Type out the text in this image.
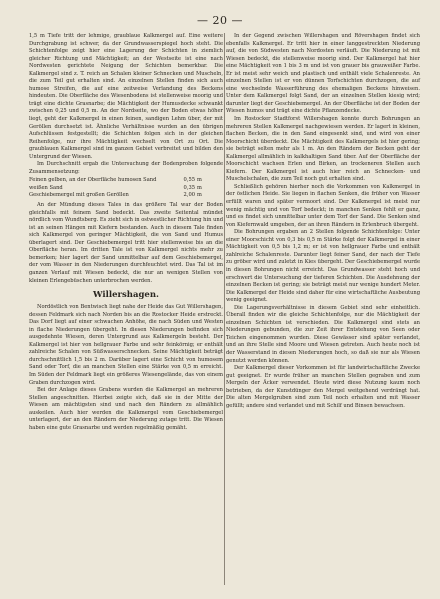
— 20 —

1,5 m Tiefe tritt der lehmige, graublaue Kalkmergel auf. Eine weitere Durchgrabung ist schwer, da der Grundwasserspiegel hoch steht. Die Schichtenfolge zeigt hier eine Lagerung der Schichten in ziemlich gleicher Richtung und Mächtigkeit; an der Westseite ist eine nach Nordwesten gerichtete Neigung der Schichten bemerkbar. Die Kalkmergel sind z. T. reich an Schalen kleiner Schnecken und Muscheln, die zum Teil gut erhalten sind. An einzelnen Stellen finden sich auch humose Streifen, die auf eine zeitweise Verlandung des Beckens hindeuten. Die Oberfläche des Wiesenbodens ist stellenweise moorig und trägt eine dichte Grasnarbe; die Mächtigkeit der Humusdecke schwankt zwischen 0,25 und 0,5 m. An der Nordseite, wo der Boden etwas höher liegt, geht der Kalkmergel in einen feinen, sandigen Lehm über, der mit Geröllen durchsetzt ist. Ähnliche Verhältnisse wurden an den übrigen Aufschlüssen festgestellt; die Schichten folgen sich in der gleichen Reihenfolge, nur ihre Mächtigkeit wechselt von Ort zu Ort. Die graublauen Kalkmergel sind im ganzen Gebiet verbreitet und bilden den Untergrund der Wiesen.

Im Durchschnitt ergab die Untersuchung der Bodenproben folgende Zusammensetzung:

Feinen gelben, an der Oberfläche humosen Sand	0,55	m
weißen Sand	0,35	m
Geschiebemergel mit großen Geröllen	2,00	m

An der Mündung dieses Tales in das größere Tal war der Boden gleichfalls mit feinem Sand bedeckt. Das zweite Seitental mündet nördlich vom Wundtsberg. Es zieht sich in ostwestlicher Richtung hin und ist an seinen Hängen mit Kiefern bestanden. Auch in diesem Tale finden sich Kalkmergel von geringer Mächtigkeit, die von Sand und Humus überlagert sind. Der Geschiebemergel tritt hier stellenweise bis an die Oberfläche heran. Im dritten Tale ist von Kalkmergel nichts mehr zu bemerken; hier lagert der Sand unmittelbar auf dem Geschiebemergel, der vom Wasser in den Niederungen durchfeuchtet wird. Das Tal ist im ganzen Verlauf mit Wiesen bedeckt, die nur an wenigen Stellen von kleinen Erlengebüschen unterbrochen werden.

Willershagen.

Nordöstlich von Bentwisch liegt nahe der Heide das Gut Willershagen, dessen Feldmark sich nach Norden bis an die Rostocker Heide erstreckt. Das Dorf liegt auf einer schwachen Anhöhe, die nach Süden und Westen in flache Niederungen übergeht. In diesen Niederungen befinden sich ausgedehnte Wiesen, deren Untergrund aus Kalkmergeln besteht. Der Kalkmergel ist hier von hellgrauer Farbe und sehr feinkörnig; er enthält zahlreiche Schalen von Süßwasserschnecken. Seine Mächtigkeit beträgt durchschnittlich 1,5 bis 2 m. Darüber lagert eine Schicht von humosem Sand oder Torf, die an manchen Stellen eine Stärke von 0,5 m erreicht. Im Süden der Feldmark liegt ein größeres Wiesengelände, das von einem Graben durchzogen wird.

Bei der Anlage dieses Grabens wurden die Kalkmergel an mehreren Stellen angeschnitten. Hierbei zeigte sich, daß sie in der Mitte der Wiesen am mächtigsten sind und nach den Rändern zu allmählich auskeilen. Auch hier werden die Kalkmergel vom Geschiebemergel unterlagert, der an den Rändern der Niederung zutage tritt. Die Wiesen haben eine gute Grasnarbe und werden regelmäßig gemäht.

In der Gegend zwischen Willershagen und Rövershagen findet sich ebenfalls Kalkmergel. Er tritt hier in einer langgestreckten Niederung auf, die von Südwesten nach Nordosten verläuft. Die Niederung ist mit Wiesen bedeckt, die stellenweise moorig sind. Der Kalkmergel hat hier eine Mächtigkeit von 1 bis 3 m und ist von grauer bis grauweißer Farbe. Er ist meist sehr weich und plastisch und enthält viele Schalenreste. An einzelnen Stellen ist er von dünnen Torfschichten durchzogen, die auf eine wechselnde Wasserführung des ehemaligen Beckens hinweisen. Unter dem Kalkmergel folgt Sand, der an einzelnen Stellen kiesig wird; darunter liegt der Geschiebemergel. An der Oberfläche ist der Boden der Wiesen humos und trägt eine dichte Pflanzendecke.

Im Rostocker Stadtforst Willershagen konnte durch Bohrungen an mehreren Stellen Kalkmergel nachgewiesen werden. Er lagert in kleinen, flachen Becken, die in den Sand eingesenkt sind, und wird von einer Moorschicht überdeckt. Die Mächtigkeit des Kalkmergels ist hier gering; sie beträgt selten mehr als 1 m. An den Rändern der Becken geht der Kalkmergel allmählich in kalkhaltigen Sand über. Auf der Oberfläche der Moorschicht wachsen Erlen und Birken, an trockeneren Stellen auch Kiefern. Der Kalkmergel ist auch hier reich an Schnecken- und Muschelschalen, die zum Teil noch gut erhalten sind.

Schließlich gehören hierher noch die Vorkommen von Kalkmergel in der östlichen Heide. Sie liegen in flachen Senken, die früher von Wasser erfüllt waren und später vermoort sind. Der Kalkmergel ist meist nur wenig mächtig und von Torf bedeckt; in manchen Senken fehlt er ganz, und es findet sich unmittelbar unter dem Torf der Sand. Die Senken sind von Kiefernwald umgeben, der an ihren Rändern in Erlenbruch übergeht.

Die Bohrungen ergaben an 2 Stellen folgende Schichtenfolge: Unter einer Moorschicht von 0,3 bis 0,5 m Stärke folgt der Kalkmergel in einer Mächtigkeit von 0,5 bis 1,2 m; er ist von hellgrauer Farbe und enthält zahlreiche Schalenreste. Darunter liegt feiner Sand, der nach der Tiefe zu gröber wird und zuletzt in Kies übergeht. Der Geschiebemergel wurde in diesen Bohrungen nicht erreicht. Das Grundwasser steht hoch und erschwert die Untersuchung der tieferen Schichten. Die Ausdehnung der einzelnen Becken ist gering; sie beträgt meist nur wenige hundert Meter. Die Kalkmergel der Heide sind daher für eine wirtschaftliche Ausbeutung wenig geeignet.

Die Lagerungsverhältnisse in diesem Gebiet sind sehr einheitlich. Überall finden wir die gleiche Schichtenfolge, nur die Mächtigkeit der einzelnen Schichten ist verschieden. Die Kalkmergel sind stets an Niederungen gebunden, die zur Zeit ihrer Entstehung von Seen oder Teichen eingenommen wurden. Diese Gewässer sind später verlandet, und an ihre Stelle sind Moore und Wiesen getreten. Auch heute noch ist der Wasserstand in diesen Niederungen hoch, so daß sie nur als Wiesen genutzt werden können.

Der Kalkmergel dieser Vorkommen ist für landwirtschaftliche Zwecke gut geeignet. Er wurde früher an manchen Stellen gegraben und zum Mergeln der Äcker verwendet. Heute wird diese Nutzung kaum noch betrieben, da der Kunstdünger den Mergel weitgehend verdrängt hat. Die alten Mergelgruben sind zum Teil noch erhalten und mit Wasser gefüllt; andere sind verlandet und mit Schilf und Binsen bewachsen.
